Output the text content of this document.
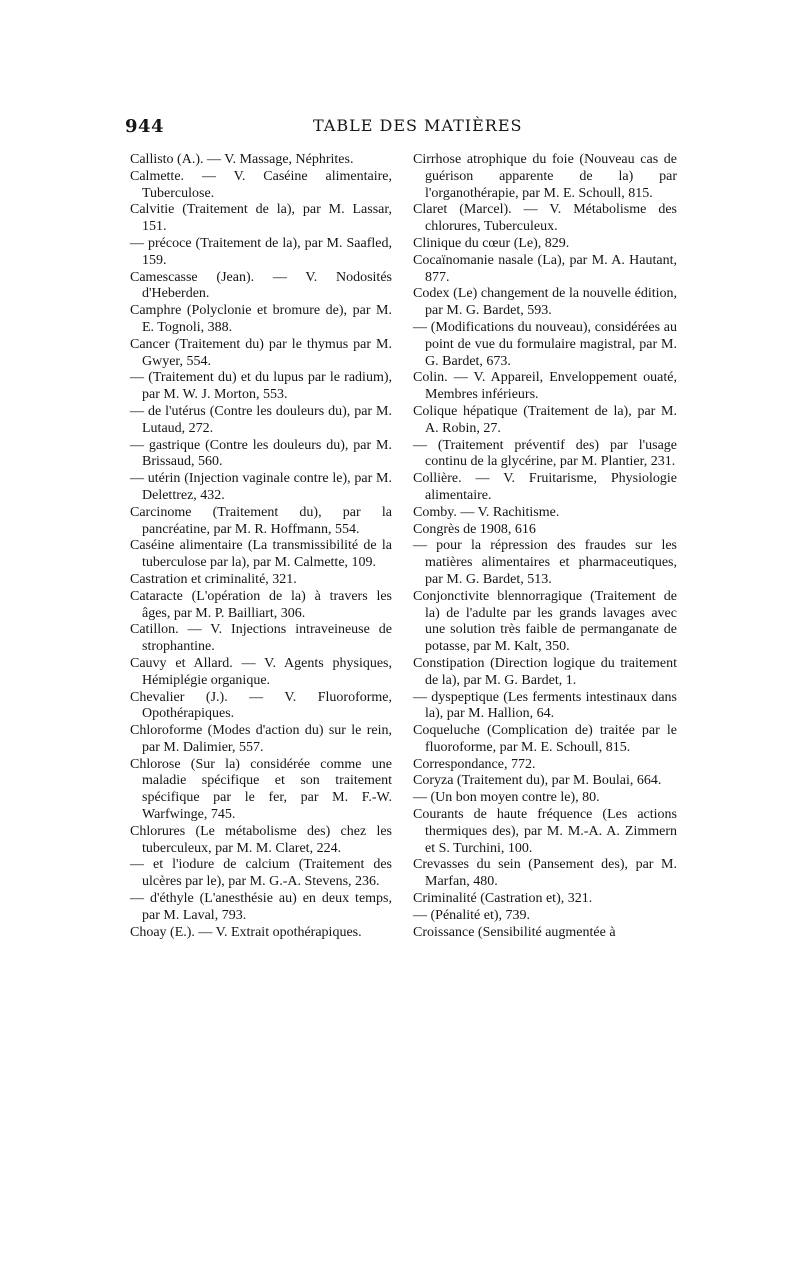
944	TABLE DES MATIÈRES

Callisto (A.). — V. Massage, Néphrites.

Calmette. — V. Caséine alimentaire, Tuberculose.

Calvitie (Traitement de la), par M. Lassar, 151.

— précoce (Traitement de la), par M. Saafled, 159.

Camescasse (Jean). — V. Nodosités d'Heberden.

Camphre (Polyclonie et bromure de), par M. E. Tognoli, 388.

Cancer (Traitement du) par le thymus par M. Gwyer, 554.

— (Traitement du) et du lupus par le radium), par M. W. J. Morton, 553.

— de l'utérus (Contre les douleurs du), par M. Lutaud, 272.

— gastrique (Contre les douleurs du), par M. Brissaud, 560.

— utérin (Injection vaginale contre le), par M. Delettrez, 432.

Carcinome (Traitement du), par la pancréatine, par M. R. Hoffmann, 554.

Caséine alimentaire (La transmissibilité de la tuberculose par la), par M. Calmette, 109.

Castration et criminalité, 321.

Cataracte (L'opération de la) à travers les âges, par M. P. Bailliart, 306.

Catillon. — V. Injections intraveineuse de strophantine.

Cauvy et Allard. — V. Agents physiques, Hémiplégie organique.

Chevalier (J.). — V. Fluoroforme, Opothérapiques.

Chloroforme (Modes d'action du) sur le rein, par M. Dalimier, 557.

Chlorose (Sur la) considérée comme une maladie spécifique et son traitement spécifique par le fer, par M. F.-W. Warfwinge, 745.

Chlorures (Le métabolisme des) chez les tuberculeux, par M. M. Claret, 224.

— et l'iodure de calcium (Traitement des ulcères par le), par M. G.-A. Stevens, 236.

— d'éthyle (L'anesthésie au) en deux temps, par M. Laval, 793.

Choay (E.). — V. Extrait opothérapiques.

Cirrhose atrophique du foie (Nouveau cas de guérison apparente de la) par l'organothérapie, par M. E. Schoull, 815.

Claret (Marcel). — V. Métabolisme des chlorures, Tuberculeux.

Clinique du cœur (Le), 829.

Cocaïnomanie nasale (La), par M. A. Hautant, 877.

Codex (Le) changement de la nouvelle édition, par M. G. Bardet, 593.

— (Modifications du nouveau), considérées au point de vue du formulaire magistral, par M. G. Bardet, 673.

Colin. — V. Appareil, Enveloppement ouaté, Membres inférieurs.

Colique hépatique (Traitement de la), par M. A. Robin, 27.

— (Traitement préventif des) par l'usage continu de la glycérine, par M. Plantier, 231.

Collière. — V. Fruitarisme, Physiologie alimentaire.

Comby. — V. Rachitisme.

Congrès de 1908, 616

— pour la répression des fraudes sur les matières alimentaires et pharmaceutiques, par M. G. Bardet, 513.

Conjonctivite blennorragique (Traitement de la) de l'adulte par les grands lavages avec une solution très faible de permanganate de potasse, par M. Kalt, 350.

Constipation (Direction logique du traitement de la), par M. G. Bardet, 1.

— dyspeptique (Les ferments intestinaux dans la), par M. Hallion, 64.

Coqueluche (Complication de) traitée par le fluoroforme, par M. E. Schoull, 815.

Correspondance, 772.

Coryza (Traitement du), par M. Boulai, 664.

— (Un bon moyen contre le), 80.

Courants de haute fréquence (Les actions thermiques des), par M. M.-A. A. Zimmern et S. Turchini, 100.

Crevasses du sein (Pansement des), par M. Marfan, 480.

Criminalité (Castration et), 321.

— (Pénalité et), 739.

Croissance (Sensibilité augmentée à
